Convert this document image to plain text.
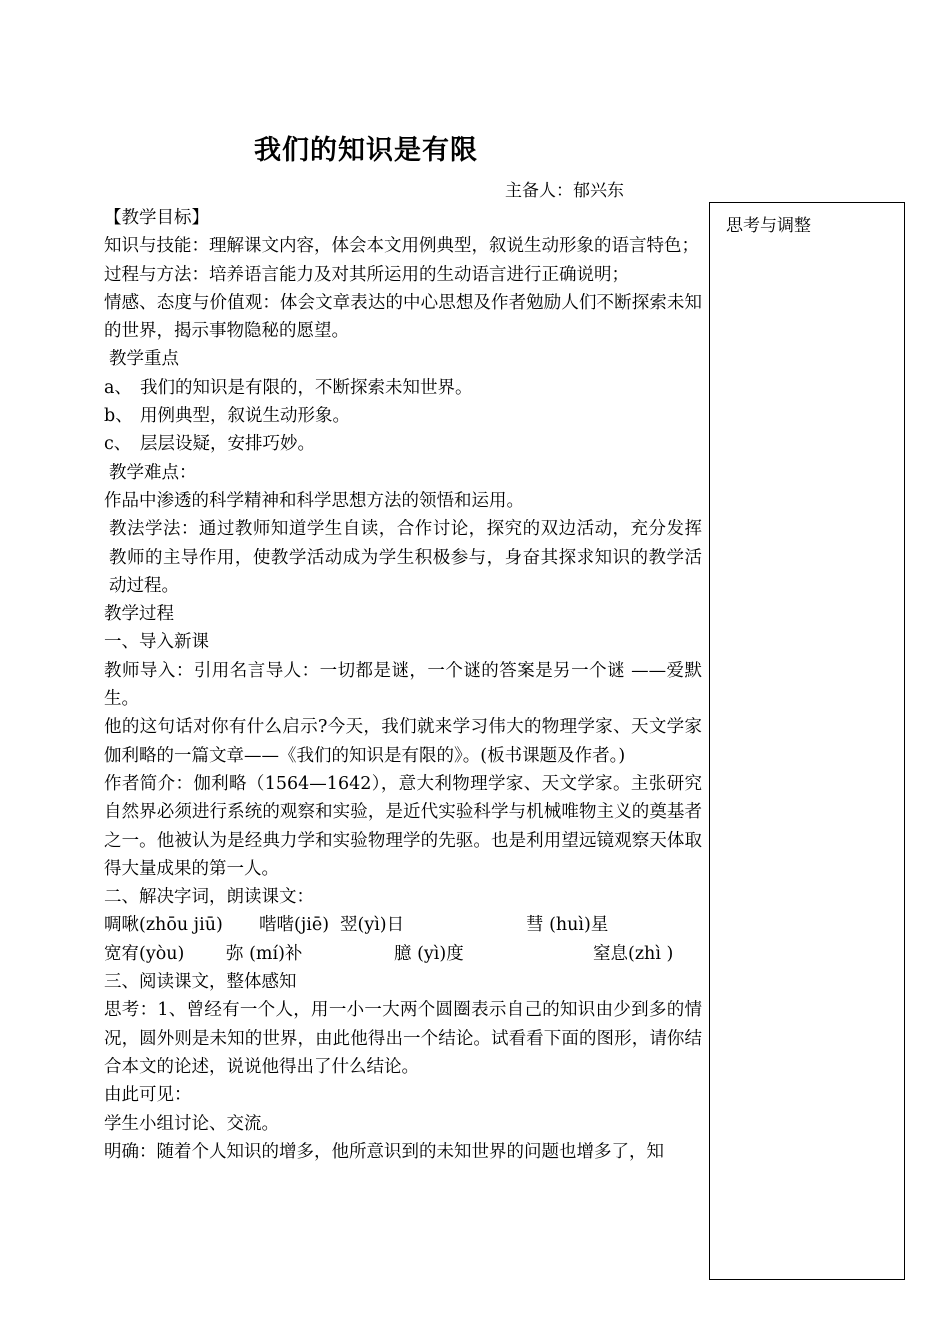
我们的知识是有限
主备人：郁兴东
思考与调整

【教学目标】

知识与技能：理解课文内容，体会本文用例典型，叙说生动形象的语言特色；

过程与方法：培养语言能力及对其所运用的生动语言进行正确说明；

情感、态度与价值观：体会文章表达的中心思想及作者勉励人们不断探索未知的世界，揭示事物隐秘的愿望。

教学重点

a、 我们的知识是有限的，不断探索未知世界。

b、 用例典型，叙说生动形象。

c、 层层设疑，安排巧妙。

教学难点：

作品中渗透的科学精神和科学思想方法的领悟和运用。

教法学法：通过教师知道学生自读，合作讨论，探究的双边活动，充分发挥教师的主导作用，使教学活动成为学生积极参与，身奋其探求知识的教学活动过程。

教学过程

一、导入新课

教师导入：引用名言导人：一切都是谜，一个谜的答案是另一个谜 ——爱默生。

他的这句话对你有什么启示?今天，我们就来学习伟大的物理学家、天文学家伽利略的一篇文章——《我们的知识是有限的》。(板书课题及作者。)

作者简介：伽利略（1564—1642），意大利物理学家、天文学家。主张研究自然界必须进行系统的观察和实验，是近代实验科学与机械唯物主义的奠基者之一。他被认为是经典力学和实验物理学的先驱。也是利用望远镜观察天体取得大量成果的第一人。

二、解决字词，朗读课文：

啁啾(zhōu jiū) 喈喈(jiē) 翌(yì)日	彗 (huì)星
宽宥(yòu) 弥 (mí)补	臆 (yì)度	窒息(zhì )

三、阅读课文，整体感知

思考：1、曾经有一个人，用一小一大两个圆圈表示自己的知识由少到多的情况，圆外则是未知的世界，由此他得出一个结论。试看看下面的图形，请你结合本文的论述，说说他得出了什么结论。

由此可见：

学生小组讨论、交流。

明确：随着个人知识的增多，他所意识到的未知世界的问题也增多了，知
